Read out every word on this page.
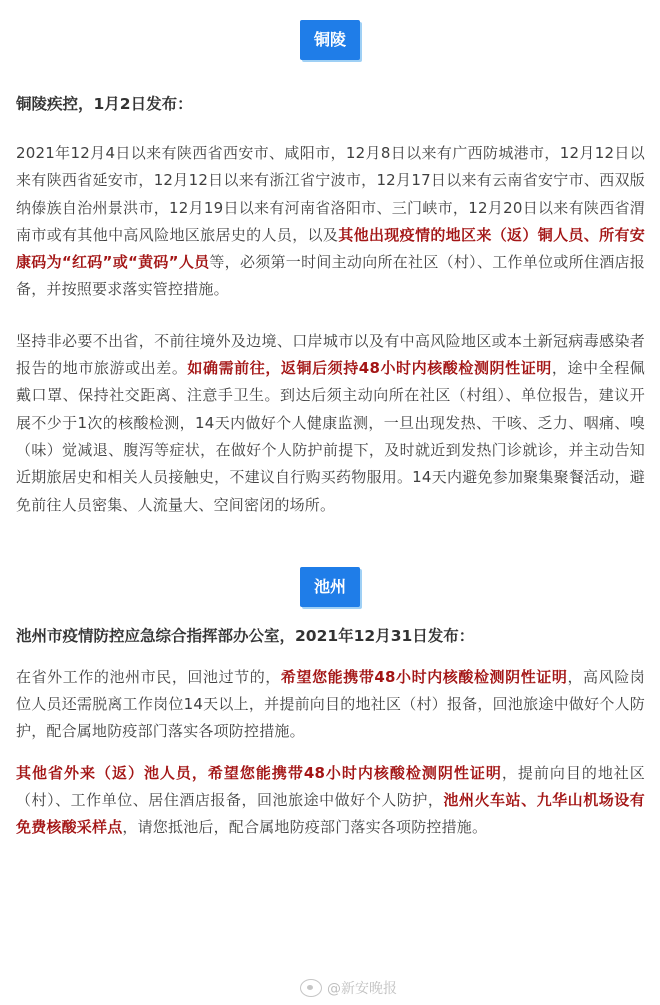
铜陵
铜陵疾控，1月2日发布：

2021年12月4日以来有陕西省西安市、咸阳市，12月8日以来有广西防城港市，12月12日以来有陕西省延安市，12月12日以来有浙江省宁波市，12月17日以来有云南省安宁市、西双版纳傣族自治州景洪市，12月19日以来有河南省洛阳市、三门峡市，12月20日以来有陕西省渭南市或有其他中高风险地区旅居史的人员，以及其他出现疫情的地区来（返）铜人员、所有安康码为“红码”或“黄码”人员等，必须第一时间主动向所在社区（村）、工作单位或所住酒店报备，并按照要求落实管控措施。

坚持非必要不出省，不前往境外及边境、口岸城市以及有中高风险地区或本土新冠病毒感染者报告的地市旅游或出差。如确需前往，返铜后须持48小时内核酸检测阴性证明，途中全程佩戴口罩、保持社交距离、注意手卫生。到达后须主动向所在社区（村组）、单位报告，建议开展不少于1次的核酸检测，14天内做好个人健康监测，一旦出现发热、干咳、乏力、咽痛、嗅（味）觉减退、腹泻等症状，在做好个人防护前提下，及时就近到发热门诊就诊，并主动告知近期旅居史和相关人员接触史，不建议自行购买药物服用。14天内避免参加聚集聚餐活动，避免前往人员密集、人流量大、空间密闭的场所。

池州
池州市疫情防控应急综合指挥部办公室，2021年12月31日发布：

在省外工作的池州市民，回池过节的，希望您能携带48小时内核酸检测阴性证明，高风险岗位人员还需脱离工作岗位14天以上，并提前向目的地社区（村）报备，回池旅途中做好个人防护，配合属地防疫部门落实各项防控措施。

其他省外来（返）池人员，希望您能携带48小时内核酸检测阴性证明，提前向目的地社区（村）、工作单位、居住酒店报备，回池旅途中做好个人防护，池州火车站、九华山机场设有免费核酸采样点，请您抵池后，配合属地防疫部门落实各项防控措施。

@新安晚报
